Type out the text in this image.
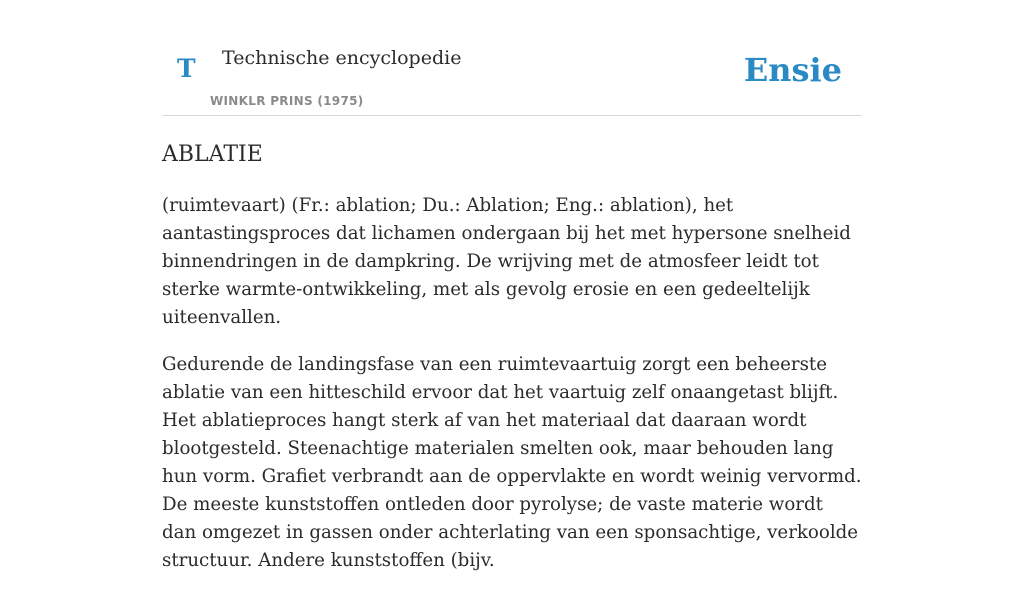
T Technische encyclopedie
WINKLR PRINS (1975)
Ensie
ABLATIE

(ruimtevaart) (Fr.: ablation; Du.: Ablation; Eng.: ablation), het aantastingsproces dat lichamen ondergaan bij het met hypersone snelheid binnendringen in de dampkring. De wrijving met de atmosfeer leidt tot sterke warmte-ontwikkeling, met als gevolg erosie en een gedeeltelijk uiteenvallen.

Gedurende de landingsfase van een ruimtevaartuig zorgt een beheerste ablatie van een hitteschild ervoor dat het vaartuig zelf onaangetast blijft. Het ablatieproces hangt sterk af van het materiaal dat daaraan wordt blootgesteld. Steenachtige materialen smelten ook, maar behouden lang hun vorm. Grafiet verbrandt aan de oppervlakte en wordt weinig vervormd. De meeste kunststoffen ontleden door pyrolyse; de vaste materie wordt dan omgezet in gassen onder achterlating van een sponsachtige, verkoolde structuur. Andere kunststoffen (bijv.
